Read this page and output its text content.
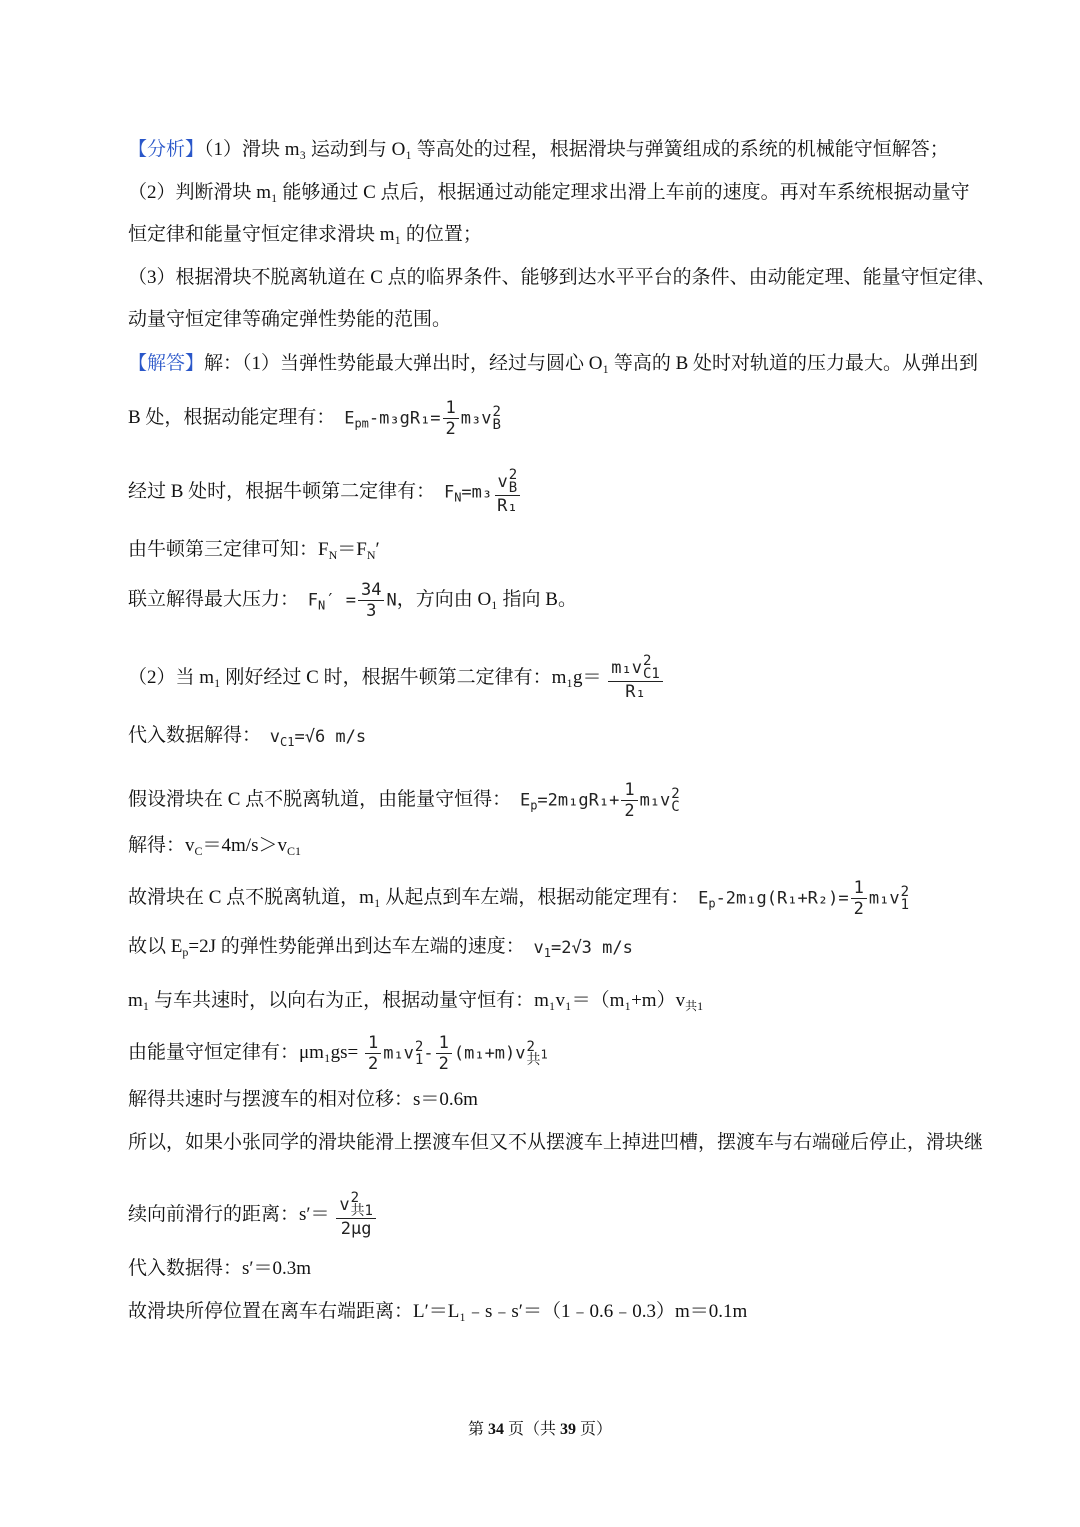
【分析】（1）滑块 m₃ 运动到与 O₁ 等高处的过程，根据滑块与弹簧组成的系统的机械能守恒解答；
（2）判断滑块 m₁ 能够通过 C 点后，根据通过动能定理求出滑上车前的速度。再对车系统根据动量守
恒定律和能量守恒定律求滑块 m₁ 的位置；
（3）根据滑块不脱离轨道在 C 点的临界条件、能够到达水平平台的条件、由动能定理、能量守恒定律、
动量守恒定律等确定弹性势能的范围。
【解答】解：（1）当弹性势能最大弹出时，经过与圆心 O₁ 等高的 B 处时对轨道的压力最大。从弹出到
B 处，根据动能定理有： $E_{pm}-m_3gR_1= \frac{1}{2} m_3v$ 2
B
经过 B 处时，根据牛顿第二定律有： $F_N=m_3$ v 2
B
R₁
由牛顿第三定律可知：$F_N=F_N'$
联立解得最大压力： $F_N' = \frac{34}{3}$ N，方向由 O₁ 指向 B。
（2）当 m₁ 刚好经过 C 时，根据牛顿第二定律有：m₁g＝ m₁v 2
C1
R₁
代入数据解得： $v_{C1}=√6$ m/s
假设滑块在 C 点不脱离轨道，由能量守恒得： $E_p=2m_1gR_1+ \frac{1}{2} m_1v$ 2
C
解得：$v_C=4m/s>v_{C1}$
故滑块在 C 点不脱离轨道，m₁ 从起点到车左端，根据动能定理有： $E_p-2m_1g(R_1+R_2)= \frac{1}{2} m_1v$ 2
1
故以 $E_p=2J$ 的弹性势能弹出到达车左端的速度： $v_1=2√3$ m/s
m₁ 与车共速时，以向右为正，根据动量守恒有：$m_1v_1=(m_1+m)v_{共1}$
由能量守恒定律有：$\mu m_1gs= \frac{1}{2} m_1v$ 2
$1 - \frac{1}{2} (m_1+m)v$ 2
共 1
解得共速时与摆渡车的相对位移：s＝0.6m
所以，如果小张同学的滑块能滑上摆渡车但又不从摆渡车上掉进凹槽，摆渡车与右端碰后停止，滑块继
续向前滑行的距离：s′＝ v 2
共1
2μg
代入数据得：s′＝0.3m
故滑块所停位置在离车右端距离：L′＝L₁﹣s﹣s′＝（1﹣0.6﹣0.3）m＝0.1m
第 34 页（共 39 页）
